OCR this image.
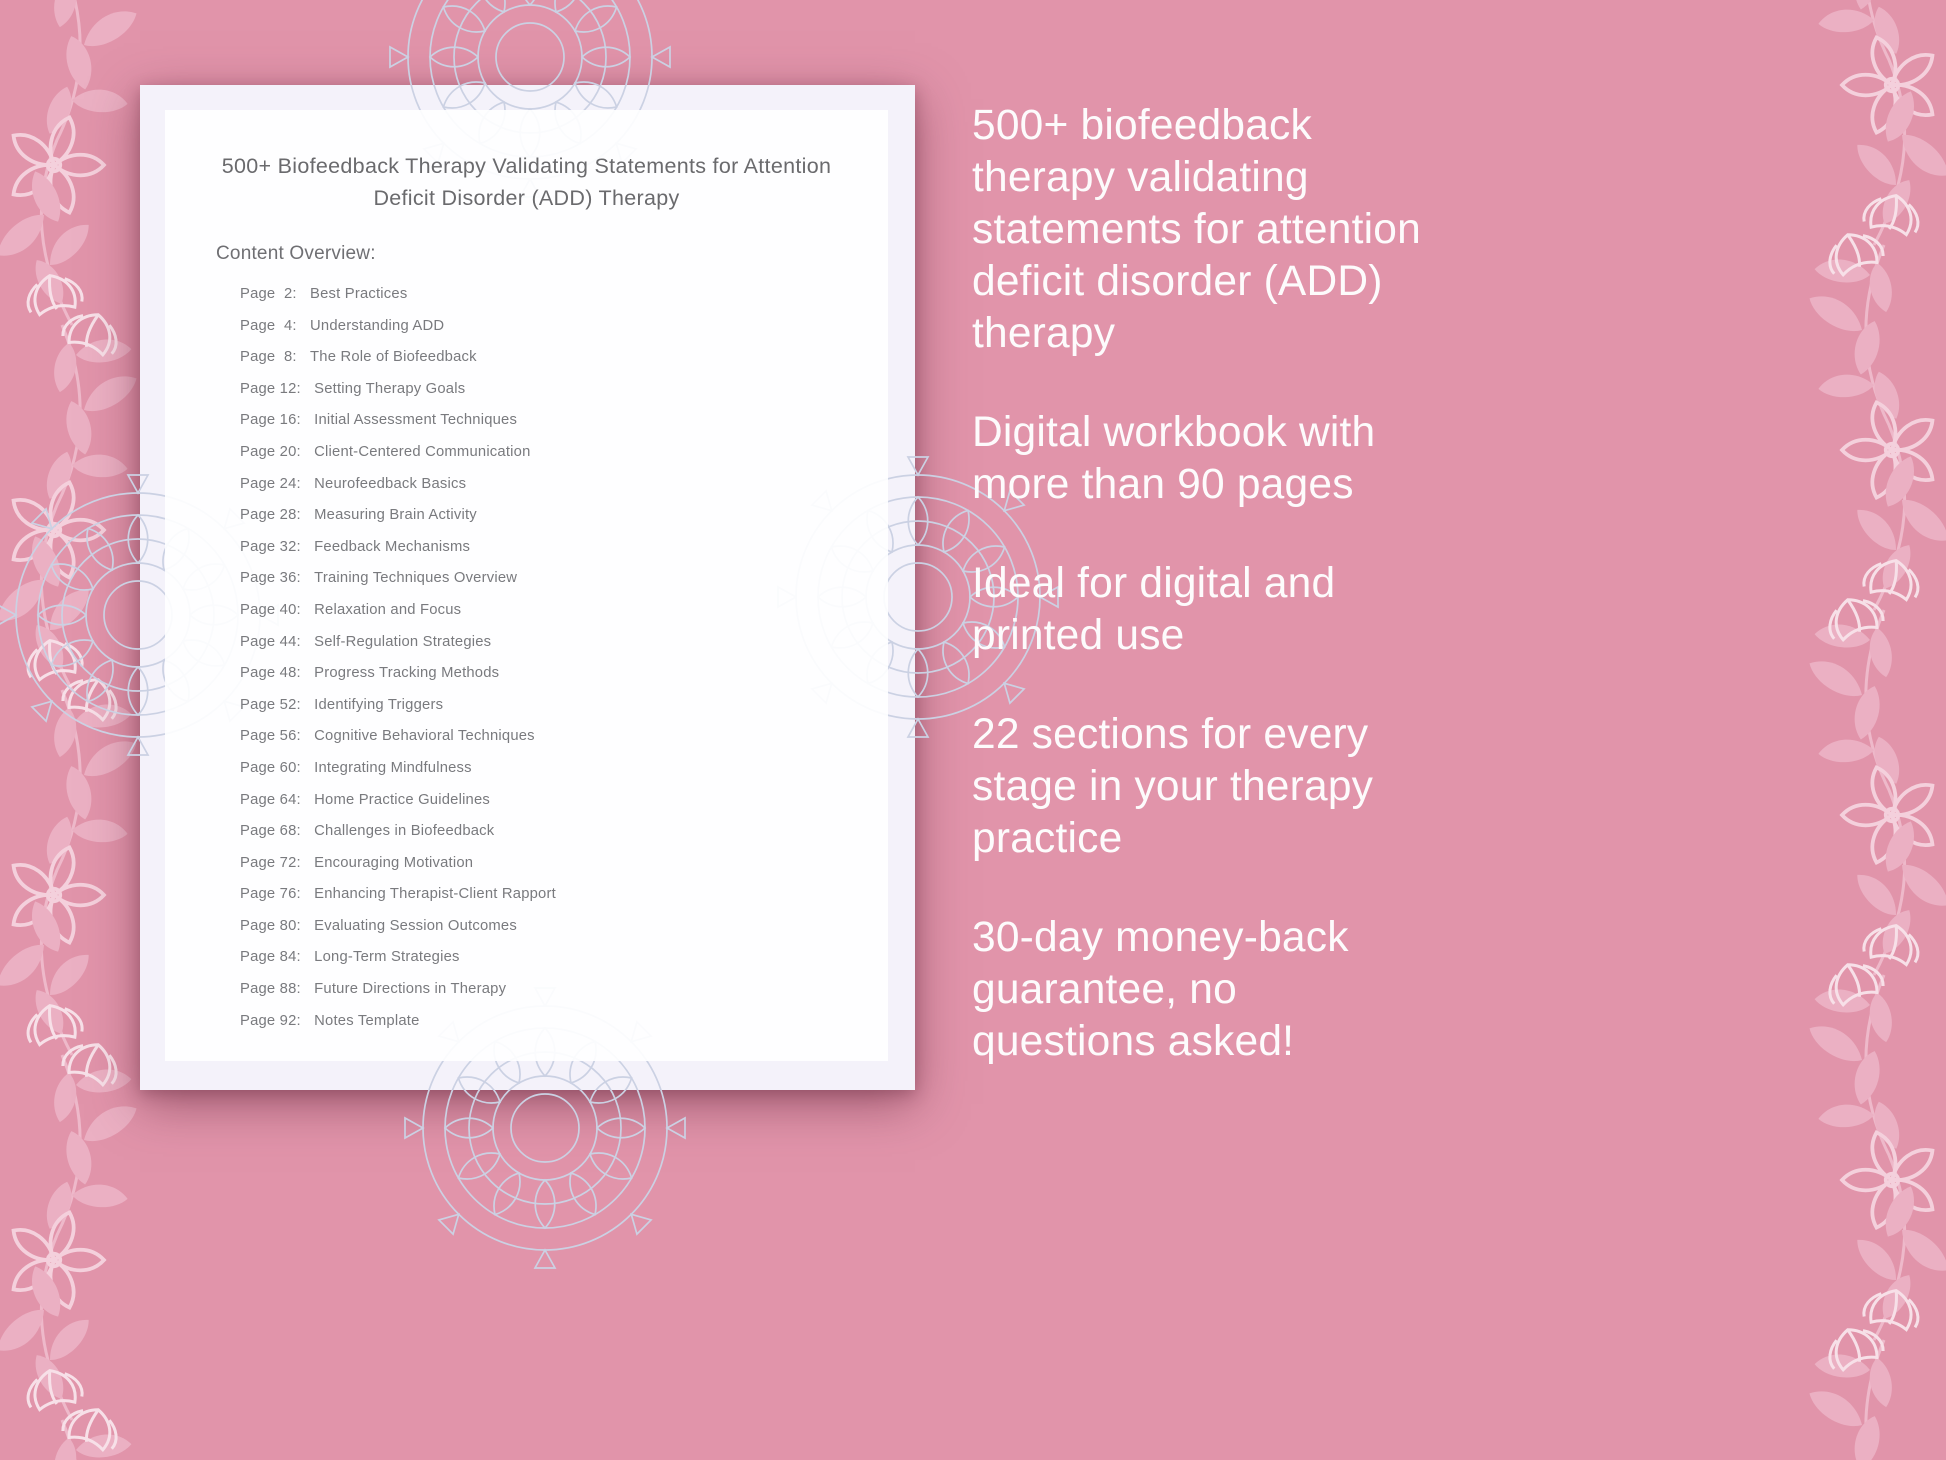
500+ Biofeedback Therapy Validating Statements for Attention Deficit Disorder (ADD) Therapy
Content Overview:
Page  2: Best Practices
Page  4: Understanding ADD
Page  8: The Role of Biofeedback
Page 12: Setting Therapy Goals
Page 16: Initial Assessment Techniques
Page 20: Client-Centered Communication
Page 24: Neurofeedback Basics
Page 28: Measuring Brain Activity
Page 32: Feedback Mechanisms
Page 36: Training Techniques Overview
Page 40: Relaxation and Focus
Page 44: Self-Regulation Strategies
Page 48: Progress Tracking Methods
Page 52: Identifying Triggers
Page 56: Cognitive Behavioral Techniques
Page 60: Integrating Mindfulness
Page 64: Home Practice Guidelines
Page 68: Challenges in Biofeedback
Page 72: Encouraging Motivation
Page 76: Enhancing Therapist-Client Rapport
Page 80: Evaluating Session Outcomes
Page 84: Long-Term Strategies
Page 88: Future Directions in Therapy
Page 92: Notes Template

500+ biofeedback therapy validating statements for attention deficit disorder (ADD) therapy

Digital workbook with more than 90 pages

Ideal for digital and printed use

22 sections for every stage in your therapy practice

30-day money-back guarantee, no questions asked!
